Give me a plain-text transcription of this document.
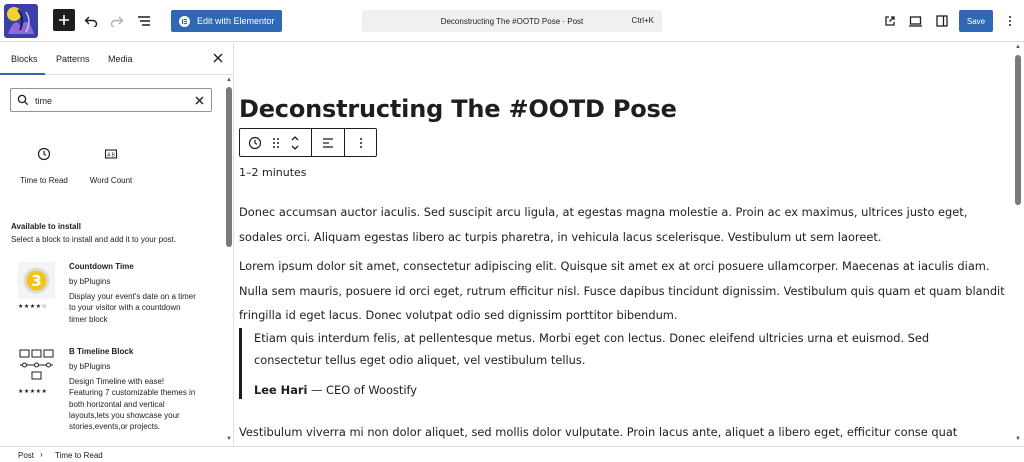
Edit with Elementor	Deconstructing The #OOTD Pose · Post	Ctrl+K	Save
Blocks Patterns Media
time
Time to Read
A B
Word Count
Available to install
Select a block to install and add it to your post.
3
★★★★☆
Countdown Time
by bPlugins
Display your event's date on a timer to your visitor with a countdown timer block
★★★★★
B Timeline Block
by bPlugins
Design Timeline with ease! Featuring 7 customizable themes in both horizontal and vertical layouts,lets you showcase your stories,events,or projects.
▲
▼
Deconstructing The #OOTD Pose
1–2 minutes

Donec accumsan auctor iaculis. Sed suscipit arcu ligula, at egestas magna molestie a. Proin ac ex maximus, ultrices justo eget, sodales orci. Aliquam egestas libero ac turpis pharetra, in vehicula lacus scelerisque. Vestibulum ut sem laoreet.

Lorem ipsum dolor sit amet, consectetur adipiscing elit. Quisque sit amet ex at orci posuere ullamcorper. Maecenas at iaculis diam. Nulla sem mauris, posuere id orci eget, rutrum efficitur nisl. Fusce dapibus tincidunt dignissim. Vestibulum quis quam et quam blandit fringilla id eget lacus. Donec volutpat odio sed dignissim porttitor bibendum.

Etiam quis interdum felis, at pellentesque metus. Morbi eget con lectus. Donec eleifend ultricies urna et euismod. Sed consectetur tellus eget odio aliquet, vel vestibulum tellus.

Lee Hari — CEO of Woostify

Vestibulum viverra mi non dolor aliquet, sed mollis dolor vulputate. Proin lacus ante, aliquet a libero eget, efficitur conse quat

▲
▼
Post › Time to Read
